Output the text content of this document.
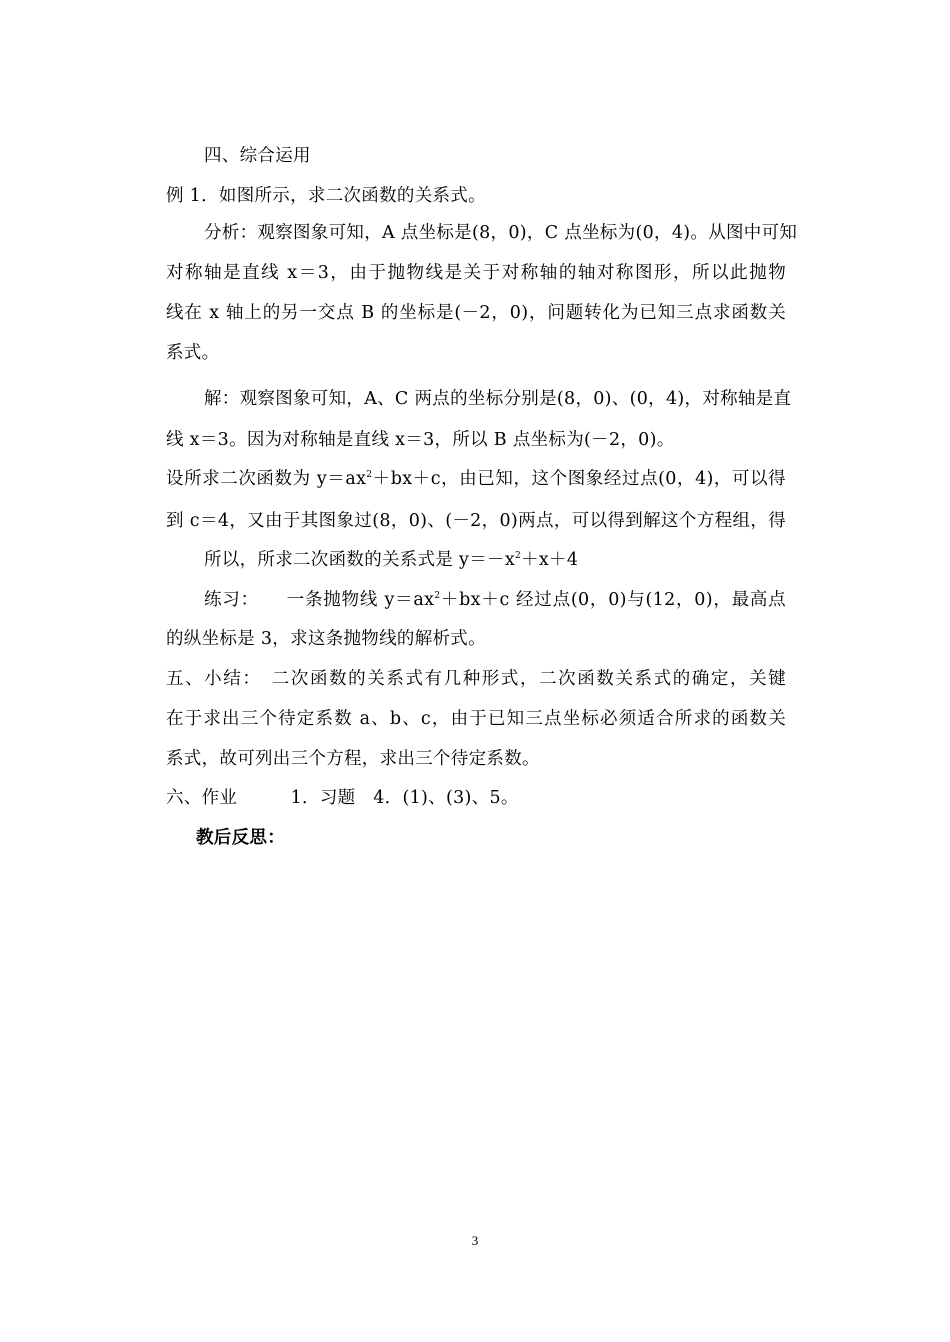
四、综合运用
例 1．如图所示，求二次函数的关系式。
分析：观察图象可知，A 点坐标是(8，0)，C 点坐标为(0，4)。从图中可知
对称轴是直线 x＝3，由于抛物线是关于对称轴的轴对称图形，所以此抛物
线在 x 轴上的另一交点 B 的坐标是(－2，0)，问题转化为已知三点求函数关
系式。
解：观察图象可知，A、C 两点的坐标分别是(8，0)、(0，4)，对称轴是直
线 x＝3。因为对称轴是直线 x＝3，所以 B 点坐标为(－2，0)。
设所求二次函数为 $y=ax^2+bx+c$，由已知，这个图象经过点(0，4)，可以得
到 c＝4，又由于其图象过(8，0)、(－2，0)两点，可以得到解这个方程组，得
所以，所求二次函数的关系式是 $y=-x^2+x+4$
练习：　　一条抛物线 $y=ax^2+bx+c$ 经过点(0，0)与(12，0)，最高点
的纵坐标是 3，求这条抛物线的解析式。
五、小结：　二次函数的关系式有几种形式，二次函数关系式的确定，关键
在于求出三个待定系数 a、b、c，由于已知三点坐标必须适合所求的函数关
系式，故可列出三个方程，求出三个待定系数。
六、作业　　　1．习题　4．(1)、(3)、5。
教后反思：
3
